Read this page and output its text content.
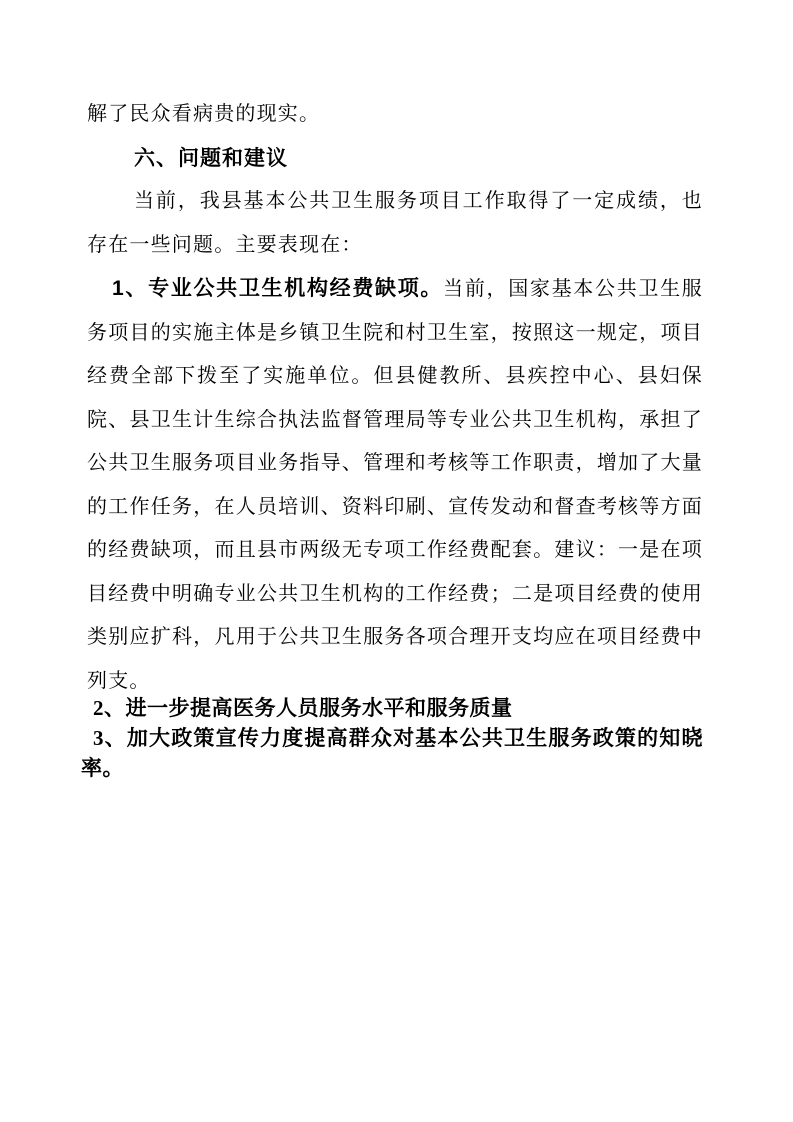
解了民众看病贵的现实。

六、问题和建议

当前，我县基本公共卫生服务项目工作取得了一定成绩，也存在一些问题。主要表现在：

1、专业公共卫生机构经费缺项。当前，国家基本公共卫生服务项目的实施主体是乡镇卫生院和村卫生室，按照这一规定，项目经费全部下拨至了实施单位。但县健教所、县疾控中心、县妇保院、县卫生计生综合执法监督管理局等专业公共卫生机构，承担了公共卫生服务项目业务指导、管理和考核等工作职责，增加了大量的工作任务，在人员培训、资料印刷、宣传发动和督查考核等方面的经费缺项，而且县市两级无专项工作经费配套。建议：一是在项目经费中明确专业公共卫生机构的工作经费；二是项目经费的使用类别应扩科，凡用于公共卫生服务各项合理开支均应在项目经费中列支。

2、进一步提高医务人员服务水平和服务质量

3、加大政策宣传力度提高群众对基本公共卫生服务政策的知晓率。
